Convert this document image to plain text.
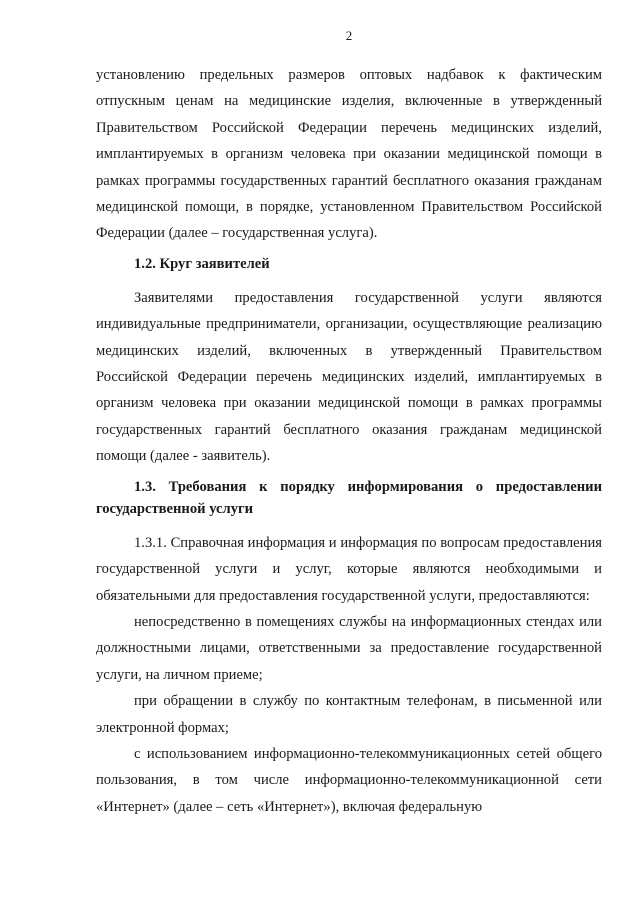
2

установлению предельных размеров оптовых надбавок к фактическим отпускным ценам на медицинские изделия, включенные в утвержденный Правительством Российской Федерации перечень медицинских изделий, имплантируемых в организм человека при оказании медицинской помощи в рамках программы государственных гарантий бесплатного оказания гражданам медицинской помощи, в порядке, установленном Правительством Российской Федерации (далее – государственная услуга).

1.2. Круг заявителей

Заявителями предоставления государственной услуги являются индивидуальные предприниматели, организации, осуществляющие реализацию медицинских изделий, включенных в утвержденный Правительством Российской Федерации перечень медицинских изделий, имплантируемых в организм человека при оказании медицинской помощи в рамках программы государственных гарантий бесплатного оказания гражданам медицинской помощи (далее - заявитель).

1.3. Требования к порядку информирования о предоставлении государственной услуги

1.3.1. Справочная информация и информация по вопросам предоставления государственной услуги и услуг, которые являются необходимыми и обязательными для предоставления государственной услуги, предоставляются:

непосредственно в помещениях службы на информационных стендах или должностными лицами, ответственными за предоставление государственной услуги, на личном приеме;

при обращении в службу по контактным телефонам, в письменной или электронной формах;

с использованием информационно-телекоммуникационных сетей общего пользования, в том числе информационно-телекоммуникационной сети «Интернет» (далее – сеть «Интернет»), включая федеральную
